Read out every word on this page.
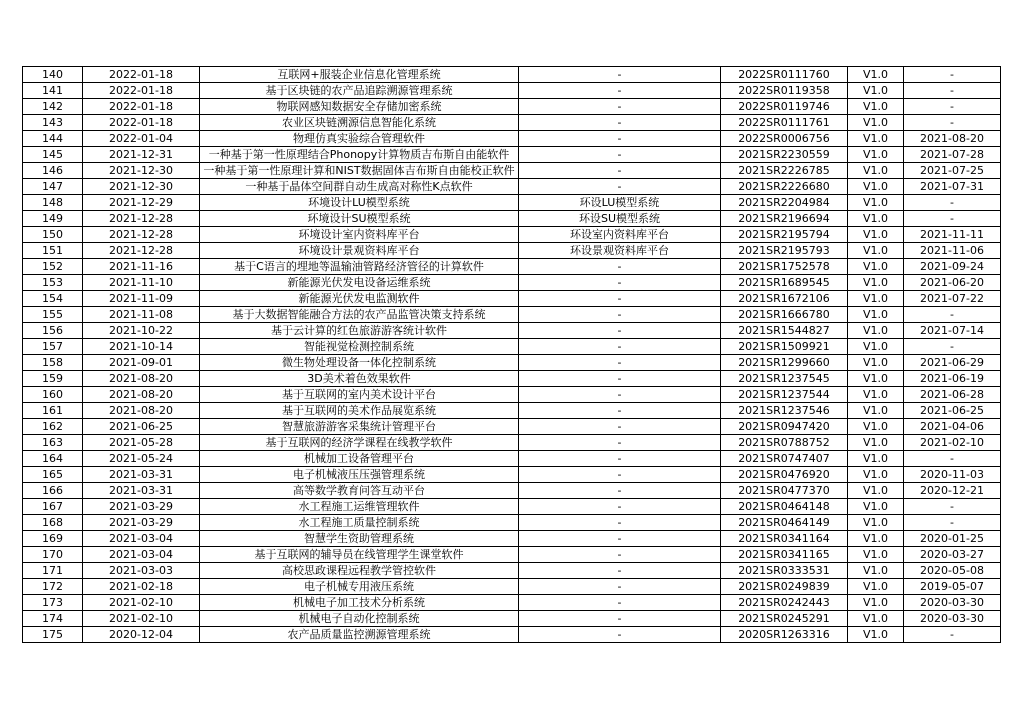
140	2022-01-18	互联网+服装企业信息化管理系统	-	2022SR0111760	V1.0	-
141	2022-01-18	基于区块链的农产品追踪溯源管理系统	-	2022SR0119358	V1.0	-
142	2022-01-18	物联网感知数据安全存储加密系统	-	2022SR0119746	V1.0	-
143	2022-01-18	农业区块链溯源信息智能化系统	-	2022SR0111761	V1.0	-
144	2022-01-04	物理仿真实验综合管理软件	-	2022SR0006756	V1.0	2021-08-20
145	2021-12-31	一种基于第一性原理结合Phonopy计算物质吉布斯自由能软件	-	2021SR2230559	V1.0	2021-07-28
146	2021-12-30	一种基于第一性原理计算和NIST数据固体吉布斯自由能校正软件	-	2021SR2226785	V1.0	2021-07-25
147	2021-12-30	一种基于晶体空间群自动生成高对称性K点软件	-	2021SR2226680	V1.0	2021-07-31
148	2021-12-29	环境设计LU模型系统	环设LU模型系统	2021SR2204984	V1.0	-
149	2021-12-28	环境设计SU模型系统	环设SU模型系统	2021SR2196694	V1.0	-
150	2021-12-28	环境设计室内资料库平台	环设室内资料库平台	2021SR2195794	V1.0	2021-11-11
151	2021-12-28	环境设计景观资料库平台	环设景观资料库平台	2021SR2195793	V1.0	2021-11-06
152	2021-11-16	基于C语言的埋地等温输油管路经济管径的计算软件	-	2021SR1752578	V1.0	2021-09-24
153	2021-11-10	新能源光伏发电设备运维系统	-	2021SR1689545	V1.0	2021-06-20
154	2021-11-09	新能源光伏发电监测软件	-	2021SR1672106	V1.0	2021-07-22
155	2021-11-08	基于大数据智能融合方法的农产品监管决策支持系统	-	2021SR1666780	V1.0	-
156	2021-10-22	基于云计算的红色旅游游客统计软件	-	2021SR1544827	V1.0	2021-07-14
157	2021-10-14	智能视觉检测控制系统	-	2021SR1509921	V1.0	-
158	2021-09-01	微生物处理设备一体化控制系统	-	2021SR1299660	V1.0	2021-06-29
159	2021-08-20	3D美术着色效果软件	-	2021SR1237545	V1.0	2021-06-19
160	2021-08-20	基于互联网的室内美术设计平台	-	2021SR1237544	V1.0	2021-06-28
161	2021-08-20	基于互联网的美术作品展览系统	-	2021SR1237546	V1.0	2021-06-25
162	2021-06-25	智慧旅游游客采集统计管理平台	-	2021SR0947420	V1.0	2021-04-06
163	2021-05-28	基于互联网的经济学课程在线教学软件	-	2021SR0788752	V1.0	2021-02-10
164	2021-05-24	机械加工设备管理平台	-	2021SR0747407	V1.0	-
165	2021-03-31	电子机械液压压强管理系统	-	2021SR0476920	V1.0	2020-11-03
166	2021-03-31	高等数学教育问答互动平台	-	2021SR0477370	V1.0	2020-12-21
167	2021-03-29	水工程施工运维管理软件	-	2021SR0464148	V1.0	-
168	2021-03-29	水工程施工质量控制系统	-	2021SR0464149	V1.0	-
169	2021-03-04	智慧学生资助管理系统	-	2021SR0341164	V1.0	2020-01-25
170	2021-03-04	基于互联网的辅导员在线管理学生课堂软件	-	2021SR0341165	V1.0	2020-03-27
171	2021-03-03	高校思政课程远程教学管控软件	-	2021SR0333531	V1.0	2020-05-08
172	2021-02-18	电子机械专用液压系统	-	2021SR0249839	V1.0	2019-05-07
173	2021-02-10	机械电子加工技术分析系统	-	2021SR0242443	V1.0	2020-03-30
174	2021-02-10	机械电子自动化控制系统	-	2021SR0245291	V1.0	2020-03-30
175	2020-12-04	农产品质量监控溯源管理系统	-	2020SR1263316	V1.0	-
